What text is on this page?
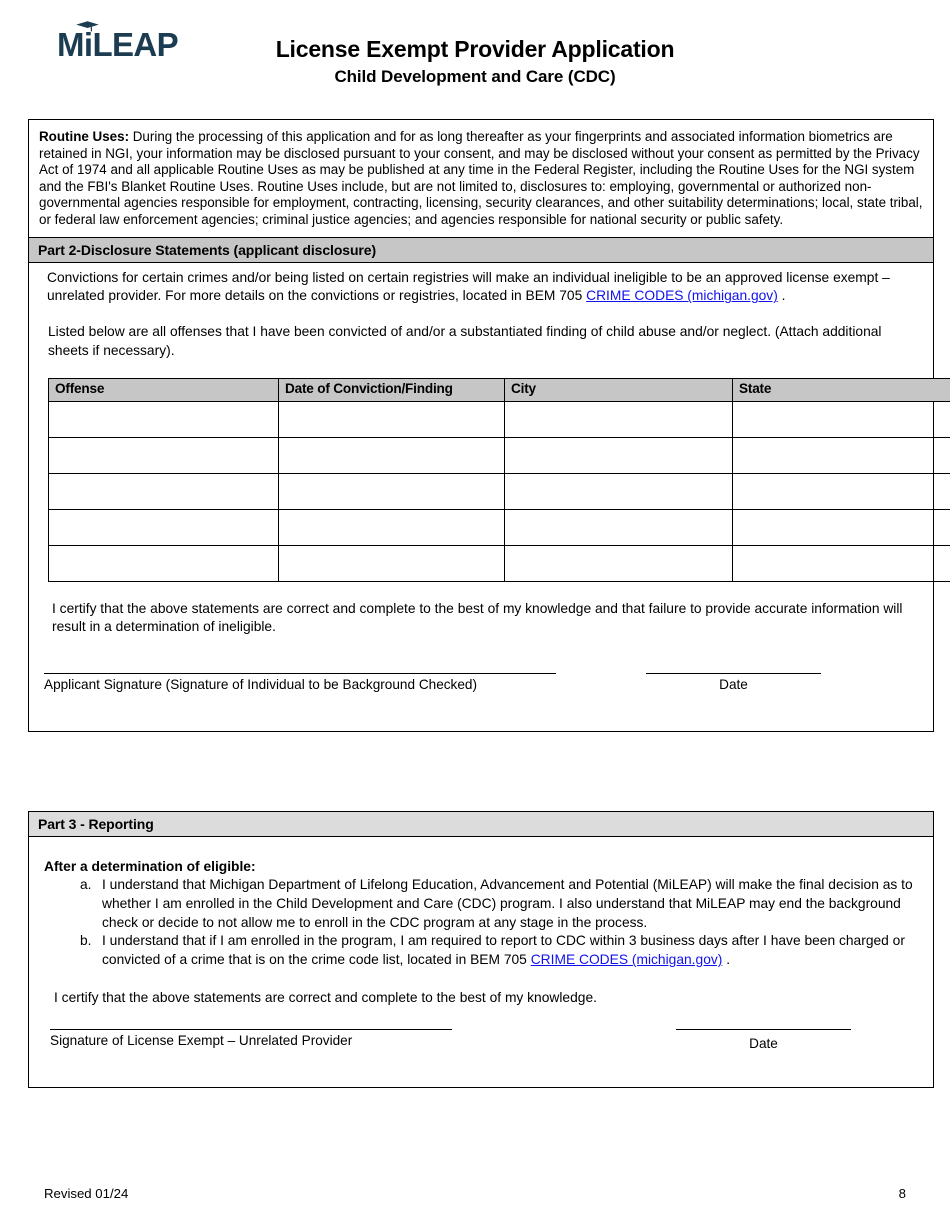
MiLEAP	License Exempt Provider Application
Child Development and Care (CDC)
Routine Uses: During the processing of this application and for as long thereafter as your fingerprints and associated information biometrics are retained in NGI, your information may be disclosed pursuant to your consent, and may be disclosed without your consent as permitted by the Privacy Act of 1974 and all applicable Routine Uses as may be published at any time in the Federal Register, including the Routine Uses for the NGI system and the FBI's Blanket Routine Uses. Routine Uses include, but are not limited to, disclosures to: employing, governmental or authorized non-governmental agencies responsible for employment, contracting, licensing, security clearances, and other suitability determinations; local, state tribal, or federal law enforcement agencies; criminal justice agencies; and agencies responsible for national security or public safety.
Part 2-Disclosure Statements (applicant disclosure)
Convictions for certain crimes and/or being listed on certain registries will make an individual ineligible to be an approved license exempt – unrelated provider. For more details on the convictions or registries, located in BEM 705 CRIME CODES (michigan.gov) .
Listed below are all offenses that I have been convicted of and/or a substantiated finding of child abuse and/or neglect. (Attach additional sheets if necessary).
Offense	Date of Conviction/Finding	City	State

I certify that the above statements are correct and complete to the best of my knowledge and that failure to provide accurate information will result in a determination of ineligible.
Applicant Signature (Signature of Individual to be Background Checked)	Date
Part 3 - Reporting
After a determination of eligible:
a. I understand that Michigan Department of Lifelong Education, Advancement and Potential (MiLEAP) will make the final decision as to whether I am enrolled in the Child Development and Care (CDC) program. I also understand that MiLEAP may end the background check or decide to not allow me to enroll in the CDC program at any stage in the process.
b. I understand that if I am enrolled in the program, I am required to report to CDC within 3 business days after I have been charged or convicted of a crime that is on the crime code list, located in BEM 705 CRIME CODES (michigan.gov) .
I certify that the above statements are correct and complete to the best of my knowledge.
Signature of License Exempt – Unrelated Provider	Date
Revised 01/24	8
